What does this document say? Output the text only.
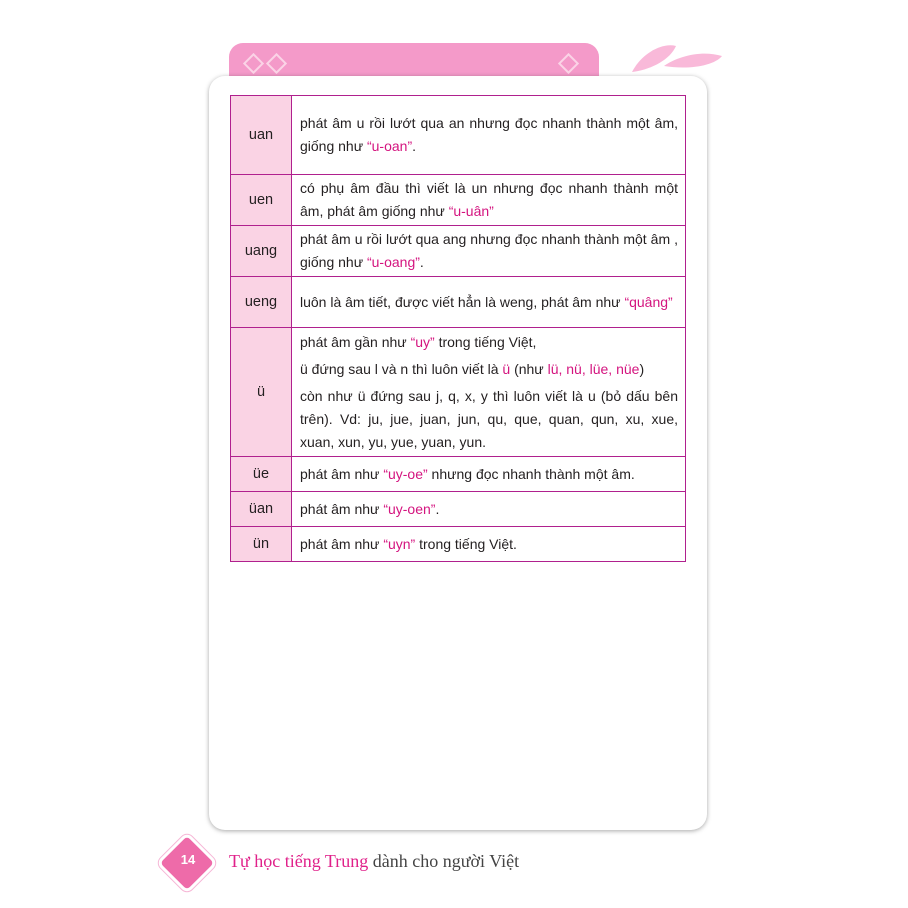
uan	phát âm u rồi lướt qua an nhưng đọc nhanh thành một âm, giống như “u-oan”.

uen	có phụ âm đầu thì viết là un nhưng đọc nhanh thành một âm, phát âm giống như “u-uân”

uang	phát âm u rồi lướt qua ang nhưng đọc nhanh thành một âm , giống như “u-oang”.

ueng	luôn là âm tiết, được viết hẳn là weng, phát âm như “quâng”

ü	phát âm gần như “uy” trong tiếng Việt,
ü đứng sau l và n thì luôn viết là ü (như lü, nü, lüe, nüe)
còn như ü đứng sau j, q, x, y thì luôn viết là u (bỏ dấu bên trên). Vd: ju, jue, juan, jun, qu, que, quan, qun, xu, xue, xuan, xun, yu, yue, yuan, yun.

üe	phát âm như “uy-oe” nhưng đọc nhanh thành một âm.

üan	phát âm như “uy-oen”.

ün	phát âm như “uyn” trong tiếng Việt.
14	Tự học tiếng Trung dành cho người Việt
